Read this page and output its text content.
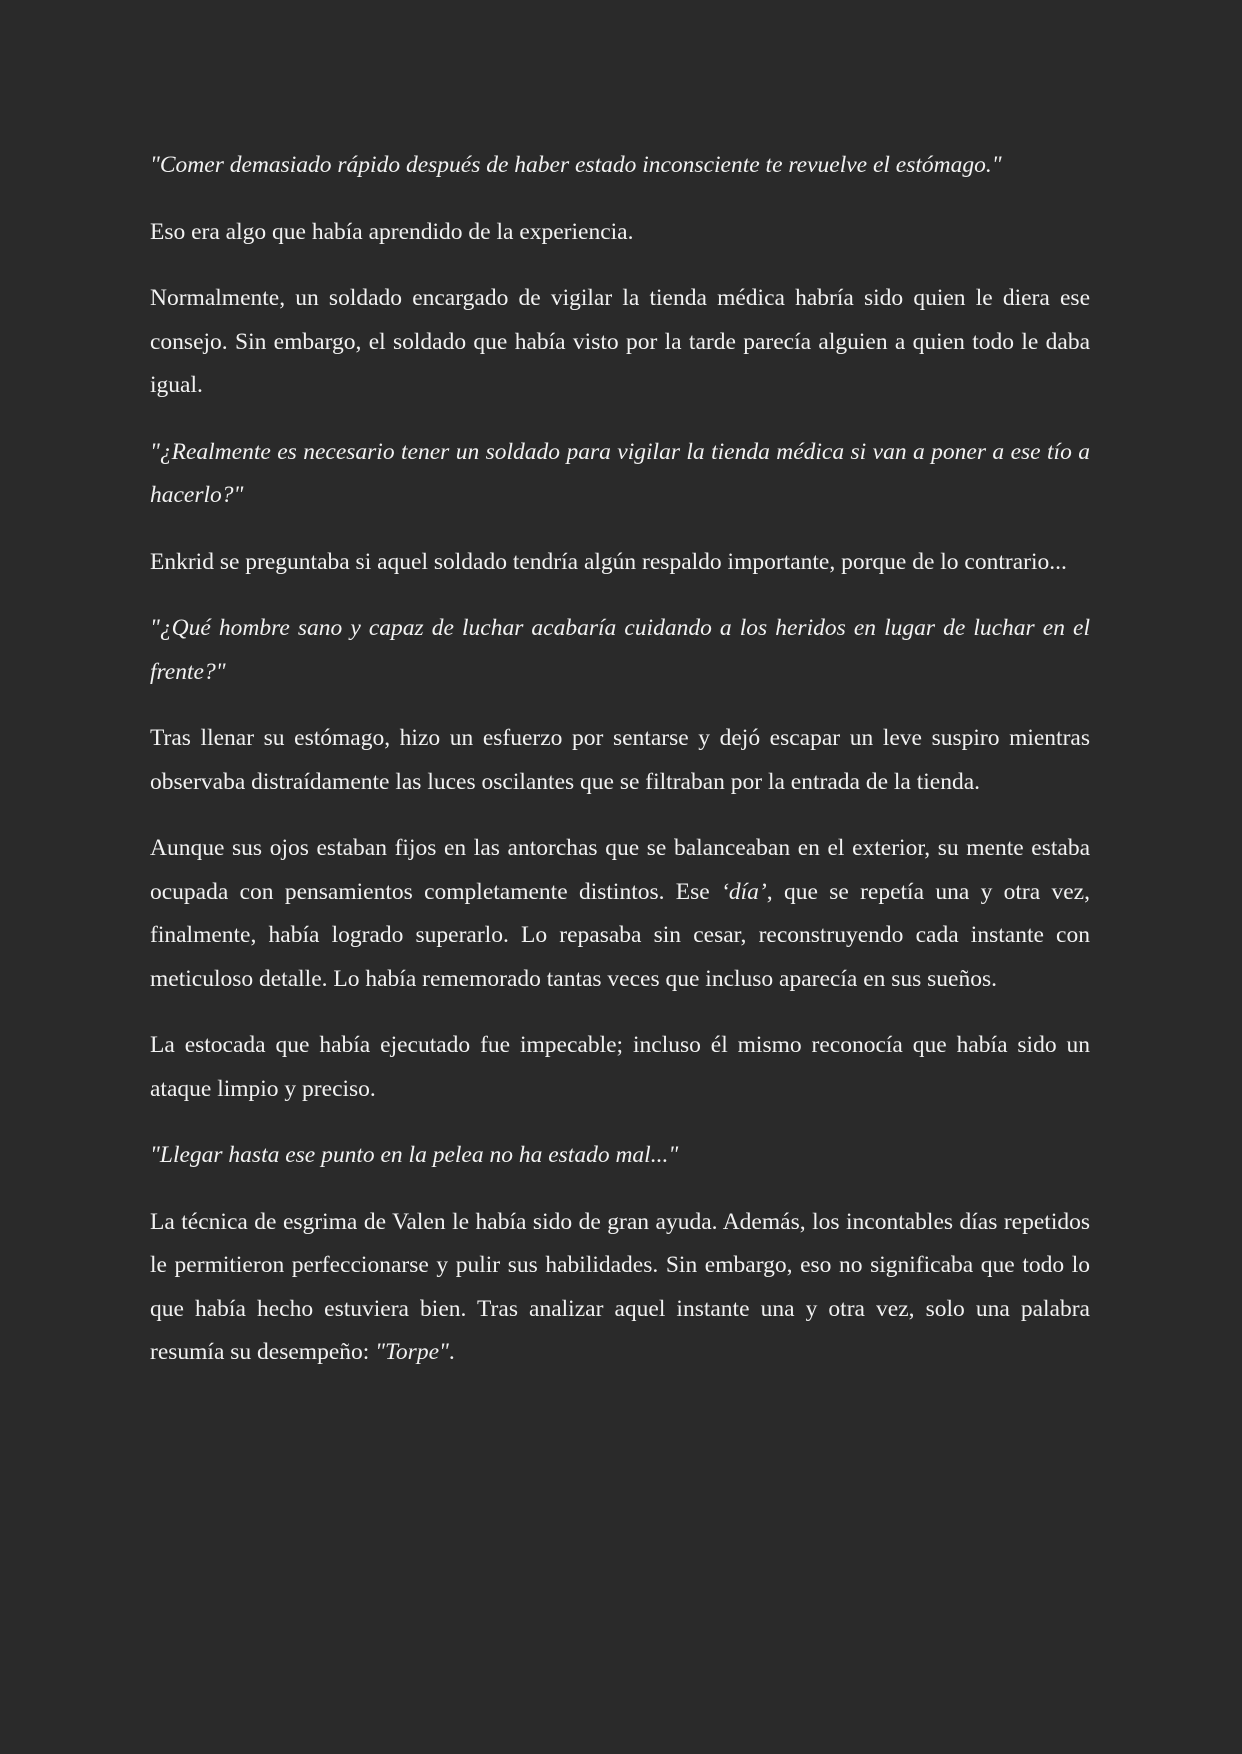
"Comer demasiado rápido después de haber estado inconsciente te revuelve el estómago."

Eso era algo que había aprendido de la experiencia.

Normalmente, un soldado encargado de vigilar la tienda médica habría sido quien le diera ese consejo. Sin embargo, el soldado que había visto por la tarde parecía alguien a quien todo le daba igual.

"¿Realmente es necesario tener un soldado para vigilar la tienda médica si van a poner a ese tío a hacerlo?"

Enkrid se preguntaba si aquel soldado tendría algún respaldo importante, porque de lo contrario...

"¿Qué hombre sano y capaz de luchar acabaría cuidando a los heridos en lugar de luchar en el frente?"

Tras llenar su estómago, hizo un esfuerzo por sentarse y dejó escapar un leve suspiro mientras observaba distraídamente las luces oscilantes que se filtraban por la entrada de la tienda.

Aunque sus ojos estaban fijos en las antorchas que se balanceaban en el exterior, su mente estaba ocupada con pensamientos completamente distintos. Ese ‘día’, que se repetía una y otra vez, finalmente, había logrado superarlo. Lo repasaba sin cesar, reconstruyendo cada instante con meticuloso detalle. Lo había rememorado tantas veces que incluso aparecía en sus sueños.

La estocada que había ejecutado fue impecable; incluso él mismo reconocía que había sido un ataque limpio y preciso.

"Llegar hasta ese punto en la pelea no ha estado mal..."

La técnica de esgrima de Valen le había sido de gran ayuda. Además, los incontables días repetidos le permitieron perfeccionarse y pulir sus habilidades. Sin embargo, eso no significaba que todo lo que había hecho estuviera bien. Tras analizar aquel instante una y otra vez, solo una palabra resumía su desempeño: "Torpe".
